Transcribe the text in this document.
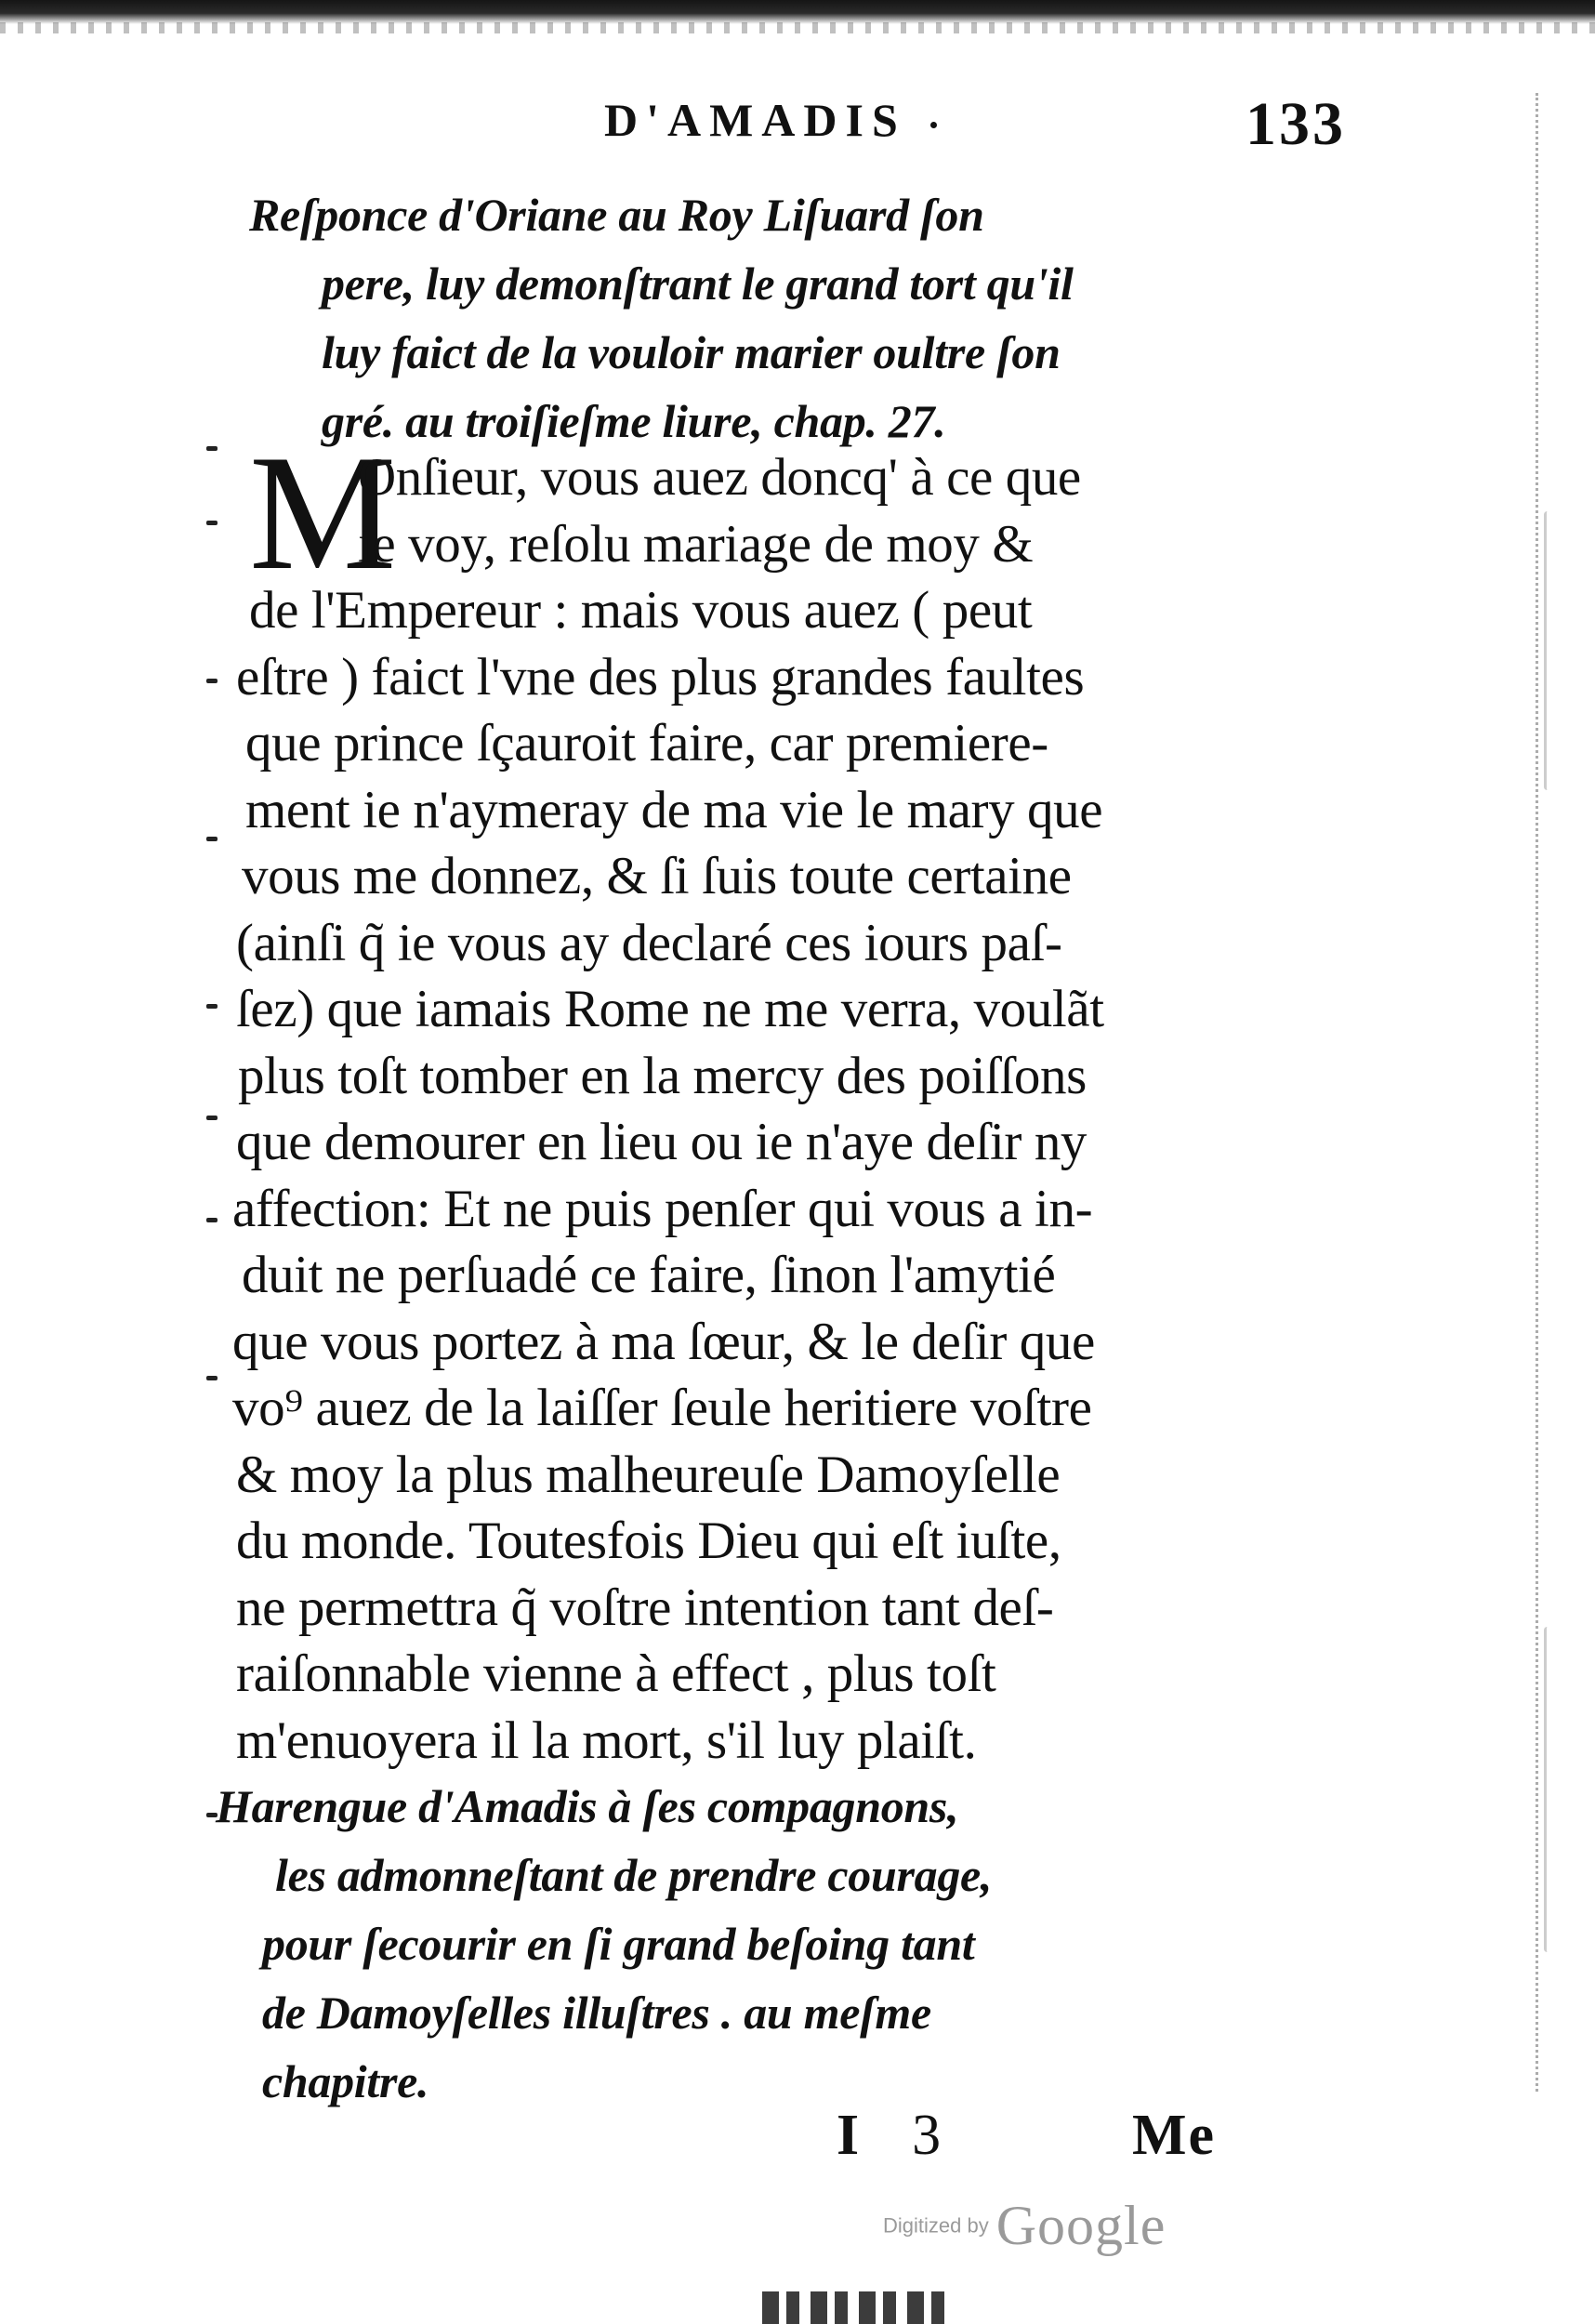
D'AMADIS	133
Reſponce d'Oriane au Roy Liſuard ſon
pere, luy demonſtrant le grand tort qu'il
luy faict de la vouloir marier oultre ſon
gré. au troiſieſme liure, chap. 27.
M
Onſieur, vous auez doncq' à ce que
ie voy, reſolu mariage de moy &
de l'Empereur : mais vous auez ( peut
eſtre ) faict l'vne des plus grandes faultes
que prince ſçauroit faire, car premiere-
ment ie n'aymeray de ma vie le mary que
vous me donnez, & ſi ſuis toute certaine
(ainſi q̃ ie vous ay declaré ces iours paſ-
ſez) que iamais Rome ne me verra, voulãt
plus toſt tomber en la mercy des poiſſons
que demourer en lieu ou ie n'aye deſir ny
affection: Et ne puis penſer qui vous a in-
duit ne perſuadé ce faire, ſinon l'amytié
que vous portez à ma ſœur, & le deſir que
vo⁹ auez de la laiſſer ſeule heritiere voſtre
& moy la plus malheureuſe Damoyſelle
du monde. Toutesfois Dieu qui eſt iuſte,
ne permettra q̃ voſtre intention tant deſ-
raiſonnable vienne à effect , plus toſt
m'enuoyera il la mort, s'il luy plaiſt.
Harengue d'Amadis à ſes compagnons,
les admonneſtant de prendre courage,
pour ſecourir en ſi grand beſoing tant
de Damoyſelles illuſtres . au meſme
chapitre.
I 3	Me
Digitized by Google
